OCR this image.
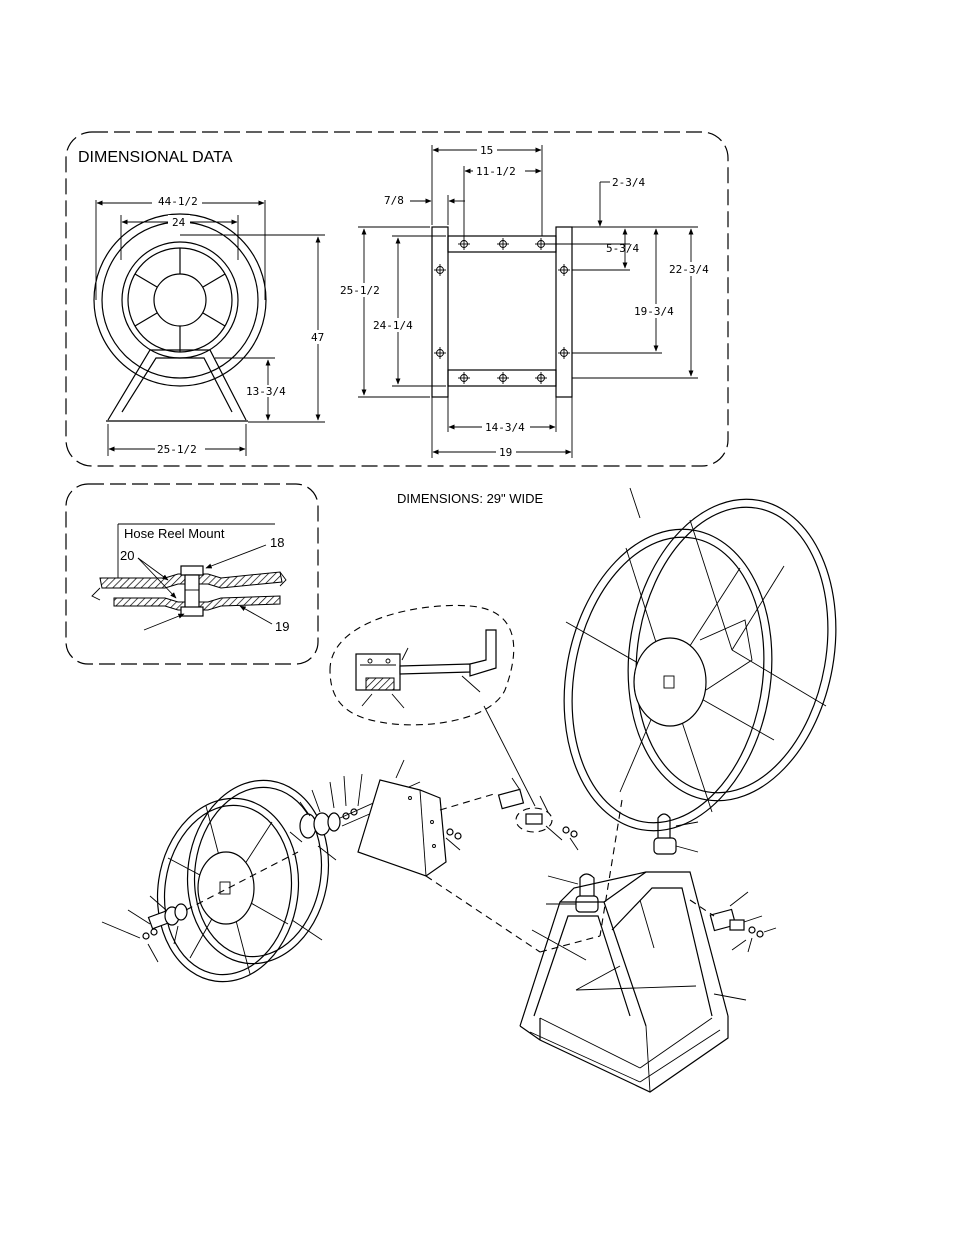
DIMENSIONAL DATA
44-1/2
24
47
13-3/4
25-1/2
15
11-1/2
7/8
2-3/4
5-3/4
22-3/4
19-3/4
25-1/2
24-1/4
14-3/4
19
Hose Reel Mount
20
18
19
DIMENSIONS: 29" WIDE
